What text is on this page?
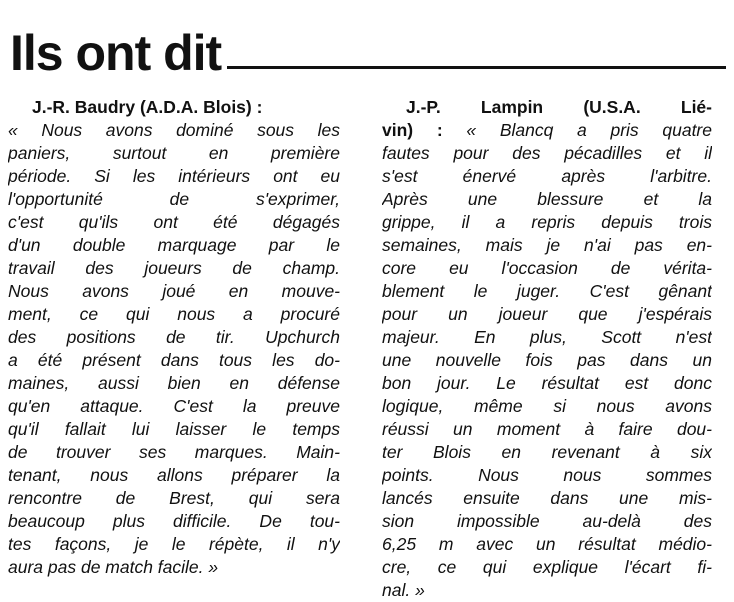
Ils ont dit
J.-R. Baudry (A.D.A. Blois) :
« Nous avons dominé sous les
paniers, surtout en première
période. Si les intérieurs ont eu
l'opportunité de s'exprimer,
c'est qu'ils ont été dégagés
d'un double marquage par le
travail des joueurs de champ.
Nous avons joué en mouve-
ment, ce qui nous a procuré
des positions de tir. Upchurch
a été présent dans tous les do-
maines, aussi bien en défense
qu'en attaque. C'est la preuve
qu'il fallait lui laisser le temps
de trouver ses marques. Main-
tenant, nous allons préparer la
rencontre de Brest, qui sera
beaucoup plus difficile. De tou-
tes façons, je le répète, il n'y
aura pas de match facile. »
J.-P. Lampin (U.S.A. Lié-
vin) : « Blancq a pris quatre
fautes pour des pécadilles et il
s'est énervé après l'arbitre.
Après une blessure et la
grippe, il a repris depuis trois
semaines, mais je n'ai pas en-
core eu l'occasion de vérita-
blement le juger. C'est gênant
pour un joueur que j'espérais
majeur. En plus, Scott n'est
une nouvelle fois pas dans un
bon jour. Le résultat est donc
logique, même si nous avons
réussi un moment à faire dou-
ter Blois en revenant à six
points. Nous nous sommes
lancés ensuite dans une mis-
sion impossible au-delà des
6,25 m avec un résultat médio-
cre, ce qui explique l'écart fi-
nal. »
